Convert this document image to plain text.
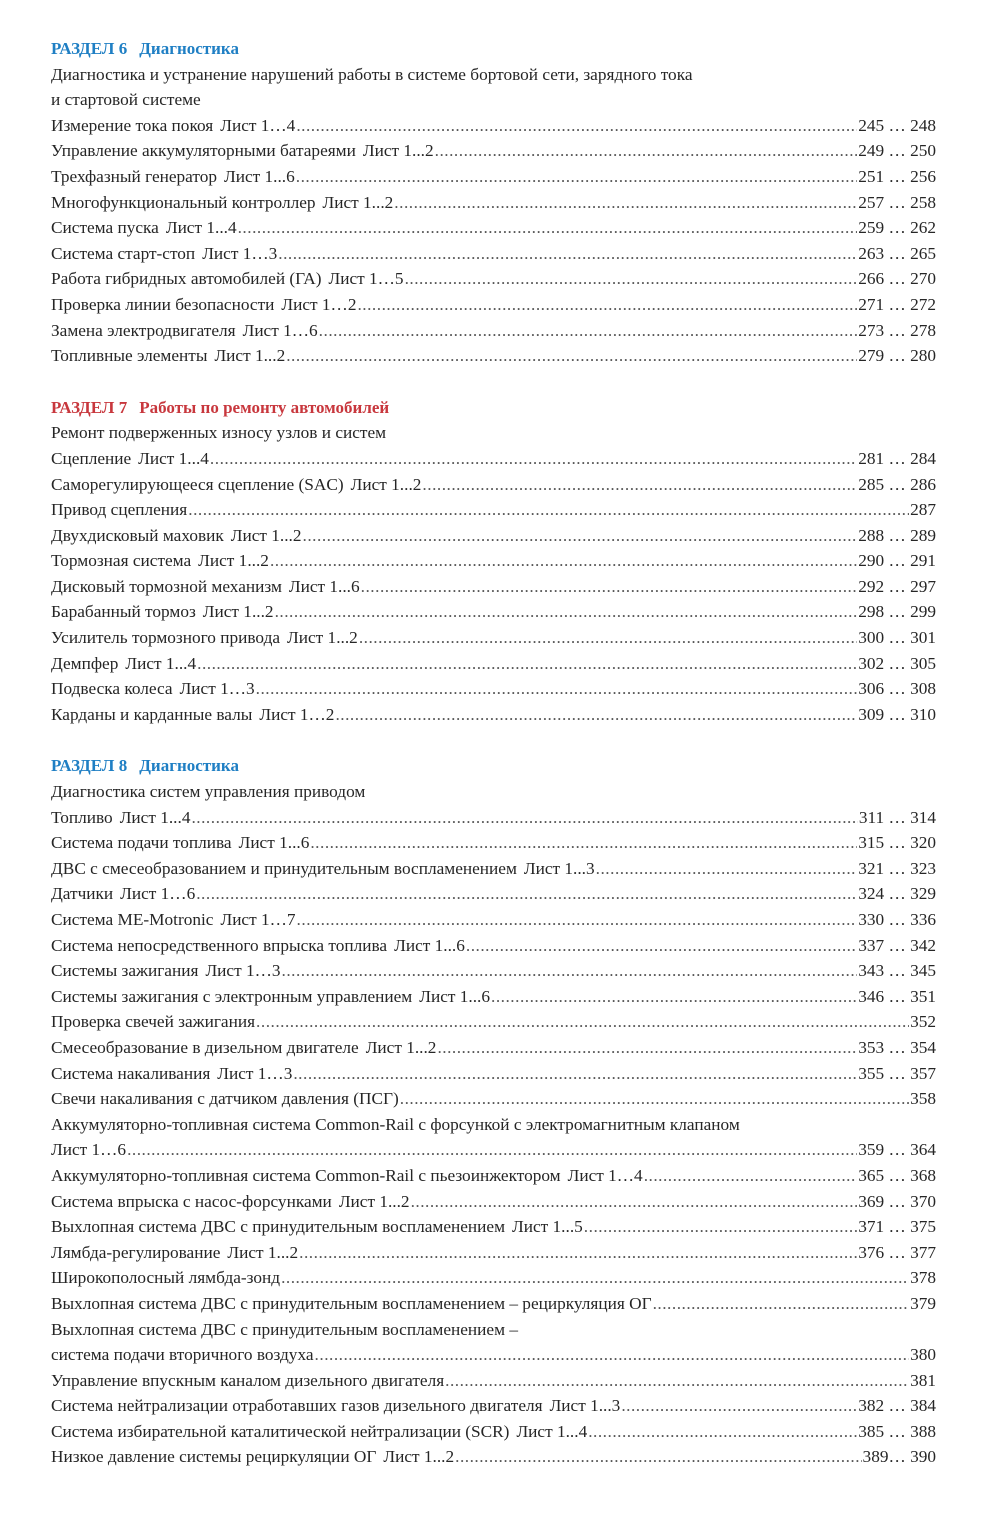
РАЗДЕЛ 6 Диагностика
Диагностика и устранение нарушений работы в системе бортовой сети, зарядного тока
и стартовой системе
Измерение тока покоя Лист 1…4 .....	245 … 248
Управление аккумуляторными батареями Лист 1...2 .....	249 … 250
Трехфазный генератор Лист 1...6 .....	251 … 256
Многофункциональный контроллер Лист 1...2 .....	257 … 258
Система пуска Лист 1...4 .....	259 … 262
Система старт-стоп Лист 1…3 .....	263 … 265
Работа гибридных автомобилей (ГА) Лист 1…5 .....	266 … 270
Проверка линии безопасности Лист 1…2 .....	271 … 272
Замена электродвигателя Лист 1…6 .....	273 … 278
Топливные элементы Лист 1...2 .....	279 … 280
РАЗДЕЛ 7 Работы по ремонту автомобилей
Ремонт подверженных износу узлов и систем
Сцепление Лист 1...4 .....	281 … 284
Саморегулирующееся сцепление (SAC) Лист 1...2 .....	285 … 286
Привод сцепления .....	287
Двухдисковый маховик Лист 1...2 .....	288 … 289
Тормозная система Лист 1...2 .....	290 … 291
Дисковый тормозной механизм Лист 1...6 .....	292 … 297
Барабанный тормоз Лист 1...2 .....	298 … 299
Усилитель тормозного привода Лист 1...2 .....	300 … 301
Демпфер Лист 1...4 .....	302 … 305
Подвеска колеса Лист 1…3 .....	306 … 308
Карданы и карданные валы Лист 1…2 .....	309 … 310
РАЗДЕЛ 8 Диагностика
Диагностика систем управления приводом
Топливо Лист 1...4 .....	311 … 314
Система подачи топлива Лист 1...6 .....	315 … 320
ДВС с смесеобразованием и принудительным воспламенением Лист 1...3 .....	321 … 323
Датчики Лист 1…6 .....	324 … 329
Система ME-Motronic Лист 1…7 .....	330 … 336
Система непосредственного впрыска топлива Лист 1...6 .....	337 … 342
Системы зажигания Лист 1…3 .....	343 … 345
Системы зажигания с электронным управлением Лист 1...6 .....	346 … 351
Проверка свечей зажигания .....	352
Смесеобразование в дизельном двигателе Лист 1...2 .....	353 … 354
Система накаливания Лист 1…3 .....	355 … 357
Свечи накаливания с датчиком давления (ПСГ) .....	358
Аккумуляторно-топливная система Common-Rail с форсункой с электромагнитным клапаном
Лист 1…6 .....	359 … 364
Аккумуляторно-топливная система Common-Rail с пьезоинжектором Лист 1…4 .....	365 … 368
Система впрыска с насос-форсунками Лист 1...2 .....	369 … 370
Выхлопная система ДВС с принудительным воспламенением Лист 1...5 .....	371 … 375
Лямбда-регулирование Лист 1...2 .....	376 … 377
Широкополосный лямбда-зонд .....	378
Выхлопная система ДВС с принудительным воспламенением – рециркуляция ОГ .....	379
Выхлопная система ДВС с принудительным воспламенением –
система подачи вторичного воздуха .....	380
Управление впускным каналом дизельного двигателя .....	381
Система нейтрализации отработавших газов дизельного двигателя Лист 1...3 .....	382 … 384
Система избирательной каталитической нейтрализации (SCR) Лист 1...4 .....	385 … 388
Низкое давление системы рециркуляции ОГ Лист 1...2 .....	389… 390
